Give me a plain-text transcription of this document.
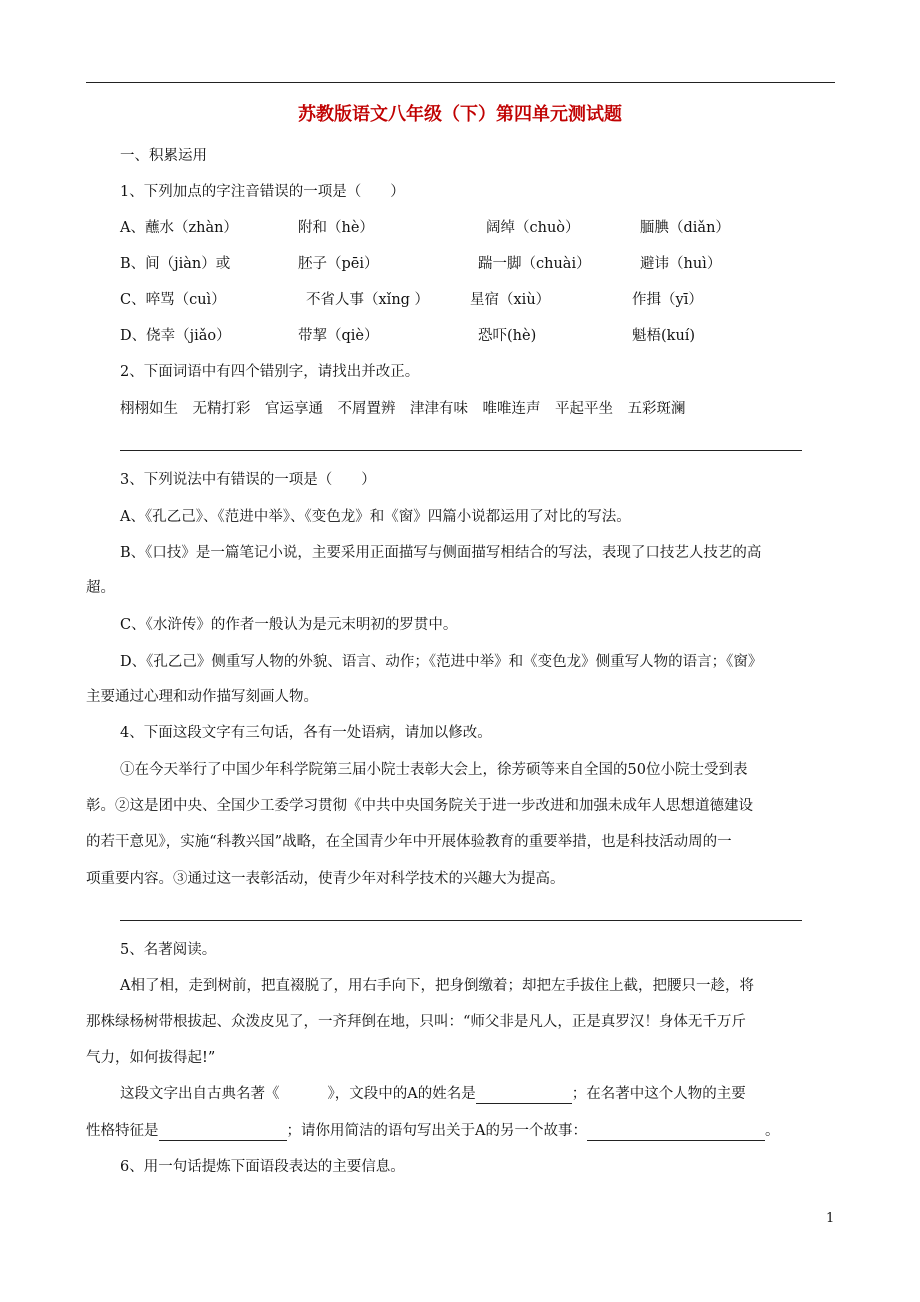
苏教版语文八年级（下）第四单元测试题
一、积累运用
1、下列加点的字注音错误的一项是（　　）
A、蘸水（zhàn）	附和（hè）	阔绰（chuò）	腼腆（diǎn）
B、间（jiàn）或	胚子（pēi）	踹一脚（chuài）	避讳（huì）
C、啐骂（cuì）	不省人事（xǐng ）	星宿（xiù）	作揖（yī）
D、侥幸（jiǎo）	带挈（qiè）	恐吓(hè)	魁梧(kuí)
2、下面词语中有四个错别字，请找出并改正。
栩栩如生　无精打彩　官运享通　不屑置辨　津津有味　唯唯连声　平起平坐　五彩斑澜
3、下列说法中有错误的一项是（　　）
A、《孔乙己》、《范进中举》、《变色龙》和《窗》四篇小说都运用了对比的写法。
B、《口技》是一篇笔记小说，主要采用正面描写与侧面描写相结合的写法，表现了口技艺人技艺的高
超。
C、《水浒传》的作者一般认为是元末明初的罗贯中。
D、《孔乙己》侧重写人物的外貌、语言、动作；《范进中举》和《变色龙》侧重写人物的语言；《窗》
主要通过心理和动作描写刻画人物。
4、下面这段文字有三句话，各有一处语病，请加以修改。
①在今天举行了中国少年科学院第三届小院士表彰大会上，徐芳硕等来自全国的50位小院士受到表
彰。②这是团中央、全国少工委学习贯彻《中共中央国务院关于进一步改进和加强未成年人思想道德建设
的若干意见》，实施“科教兴国”战略，在全国青少年中开展体验教育的重要举措，也是科技活动周的一
项重要内容。③通过这一表彰活动，使青少年对科学技术的兴趣大为提高。
5、名著阅读。
A相了相，走到树前，把直裰脱了，用右手向下，把身倒缴着；却把左手拔住上截，把腰只一趁，将
那株绿杨树带根拔起、众泼皮见了，一齐拜倒在地，只叫：“师父非是凡人，正是真罗汉！身体无千万斤
气力，如何拔得起!”
这段文字出自古典名著《	》，文段中的A的姓名是	；在名著中这个人物的主要
性格特征是	；请你用简洁的语句写出关于A的另一个故事：	。
6、用一句话提炼下面语段表达的主要信息。
1
